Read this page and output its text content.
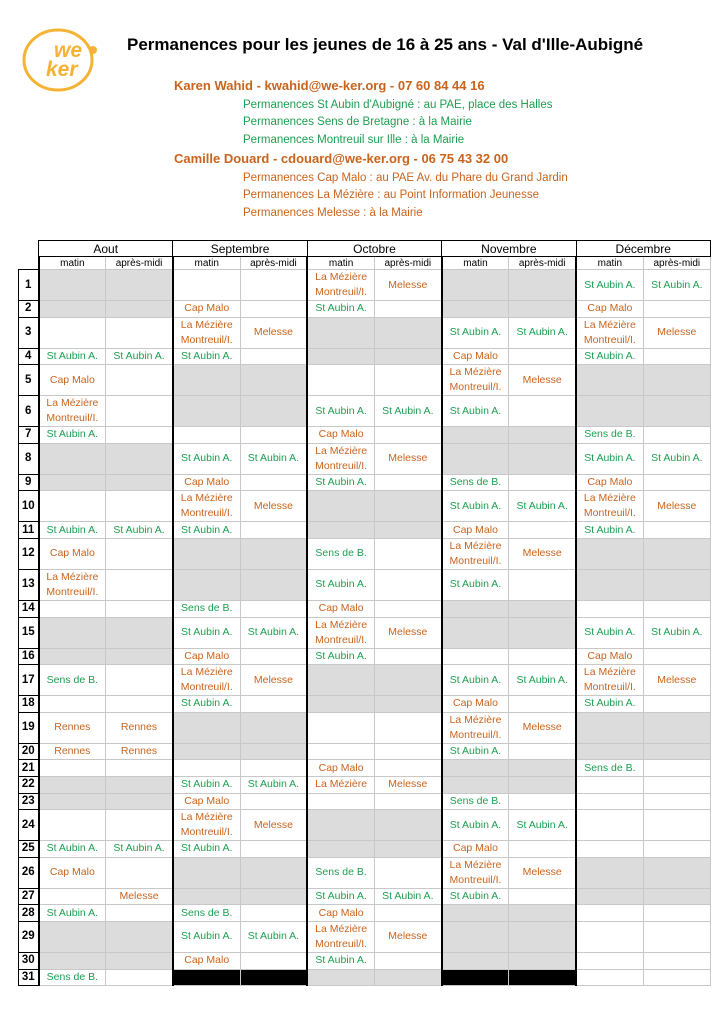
we
ker
Permanences pour les jeunes de 16 à 25 ans - Val d'Ille-Aubigné
Karen Wahid - kwahid@we-ker.org - 07 60 84 44 16
Permanences St Aubin d'Aubigné : au PAE, place des Halles
Permanences Sens de Bretagne : à la Mairie
Permanences Montreuil sur Ille : à la Mairie
Camille Douard - cdouard@we-ker.org - 06 75 43 32 00
Permanences Cap Malo : au PAE Av. du Phare du Grand Jardin
Permanences La Mézière : au Point Information Jeunesse
Permanences Melesse : à la Mairie
	Aout		Septembre		Octobre		Novembre		Décembre	
	matin	après-midi	matin	après-midi	matin	après-midi	matin	après-midi	matin	après-midi
1					La Mézière
Montreuil/I.	Melesse			St Aubin A.	St Aubin A.

2			Cap Malo		St Aubin A.				Cap Malo	

3			La Mézière
Montreuil/I.	Melesse			St Aubin A.	St Aubin A.	La Mézière
Montreuil/I.	Melesse

4	St Aubin A.	St Aubin A.	St Aubin A.				Cap Malo		St Aubin A.	

5	Cap Malo						La Mézière
Montreuil/I.	Melesse		

6	La Mézière
Montreuil/I.				St Aubin A.	St Aubin A.	St Aubin A.			

7	St Aubin A.				Cap Malo				Sens de B.	

8			St Aubin A.	St Aubin A.	La Mézière
Montreuil/I.	Melesse			St Aubin A.	St Aubin A.

9			Cap Malo		St Aubin A.		Sens de B.		Cap Malo	

10			La Mézière
Montreuil/I.	Melesse			St Aubin A.	St Aubin A.	La Mézière
Montreuil/I.	Melesse

11	St Aubin A.	St Aubin A.	St Aubin A.				Cap Malo		St Aubin A.	

12	Cap Malo				Sens de B.		La Mézière
Montreuil/I.	Melesse		

13	La Mézière
Montreuil/I.				St Aubin A.		St Aubin A.			

14			Sens de B.		Cap Malo					

15			St Aubin A.	St Aubin A.	La Mézière
Montreuil/I.	Melesse			St Aubin A.	St Aubin A.

16			Cap Malo		St Aubin A.				Cap Malo	

17	Sens de B.		La Mézière
Montreuil/I.	Melesse			St Aubin A.	St Aubin A.	La Mézière
Montreuil/I.	Melesse

18			St Aubin A.				Cap Malo		St Aubin A.	

19	Rennes	Rennes					La Mézière
Montreuil/I.	Melesse		

20	Rennes	Rennes					St Aubin A.			

21					Cap Malo				Sens de B.	

22			St Aubin A.	St Aubin A.	La Mézière	Melesse				

23			Cap Malo				Sens de B.			

24			La Mézière
Montreuil/I.	Melesse			St Aubin A.	St Aubin A.		

25	St Aubin A.	St Aubin A.	St Aubin A.				Cap Malo			

26	Cap Malo				Sens de B.		La Mézière
Montreuil/I.	Melesse		

27		Melesse			St Aubin A.	St Aubin A.	St Aubin A.			

28	St Aubin A.		Sens de B.		Cap Malo					

29			St Aubin A.	St Aubin A.	La Mézière
Montreuil/I.	Melesse				

30			Cap Malo		St Aubin A.					

31	Sens de B.									
